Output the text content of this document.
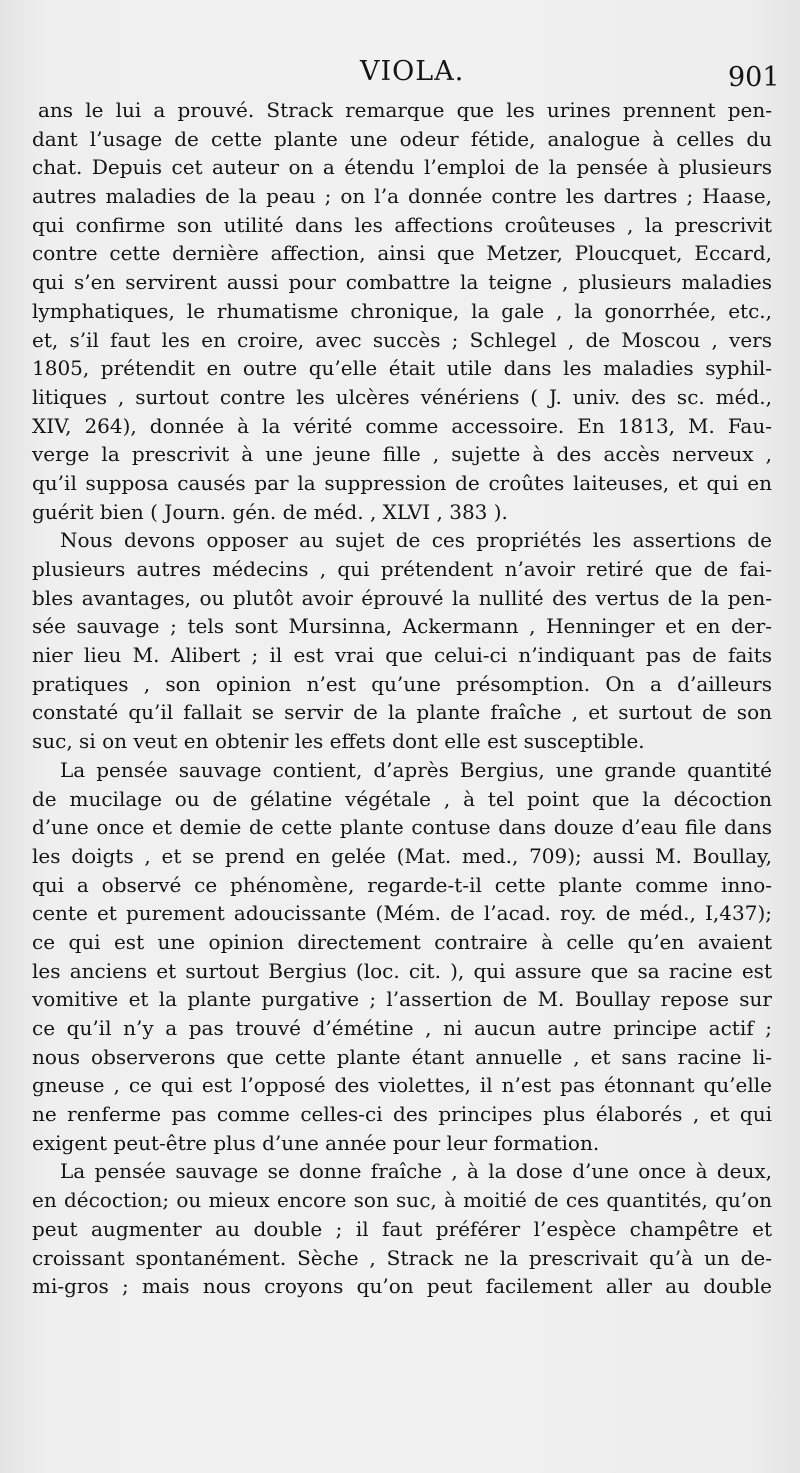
VIOLA.	901
ans le lui a prouvé. Strack remarque que les urines prennent pen-
dant l’usage de cette plante une odeur fétide, analogue à celles du
chat. Depuis cet auteur on a étendu l’emploi de la pensée à plusieurs
autres maladies de la peau ; on l’a donnée contre les dartres ; Haase,
qui confirme son utilité dans les affections croûteuses , la prescrivit
contre cette dernière affection, ainsi que Metzer, Ploucquet, Eccard,
qui s’en servirent aussi pour combattre la teigne , plusieurs maladies
lymphatiques, le rhumatisme chronique, la gale , la gonorrhée, etc.,
et, s’il faut les en croire, avec succès ; Schlegel , de Moscou , vers
1805, prétendit en outre qu’elle était utile dans les maladies syphil-
litiques , surtout contre les ulcères vénériens ( J. univ. des sc. méd.,
XIV, 264), donnée à la vérité comme accessoire. En 1813, M. Fau-
verge la prescrivit à une jeune fille , sujette à des accès nerveux ,
qu’il supposa causés par la suppression de croûtes laiteuses, et qui en
guérit bien ( Journ. gén. de méd. , XLVI , 383 ).
Nous devons opposer au sujet de ces propriétés les assertions de
plusieurs autres médecins , qui prétendent n’avoir retiré que de fai-
bles avantages, ou plutôt avoir éprouvé la nullité des vertus de la pen-
sée sauvage ; tels sont Mursinna, Ackermann , Henninger et en der-
nier lieu M. Alibert ; il est vrai que celui-ci n’indiquant pas de faits
pratiques , son opinion n’est qu’une présomption. On a d’ailleurs
constaté qu’il fallait se servir de la plante fraîche , et surtout de son
suc, si on veut en obtenir les effets dont elle est susceptible.
La pensée sauvage contient, d’après Bergius, une grande quantité
de mucilage ou de gélatine végétale , à tel point que la décoction
d’une once et demie de cette plante contuse dans douze d’eau file dans
les doigts , et se prend en gelée (Mat. med., 709); aussi M. Boullay,
qui a observé ce phénomène, regarde-t-il cette plante comme inno-
cente et purement adoucissante (Mém. de l’acad. roy. de méd., I,437);
ce qui est une opinion directement contraire à celle qu’en avaient
les anciens et surtout Bergius (loc. cit. ), qui assure que sa racine est
vomitive et la plante purgative ; l’assertion de M. Boullay repose sur
ce qu’il n’y a pas trouvé d’émétine , ni aucun autre principe actif ;
nous observerons que cette plante étant annuelle , et sans racine li-
gneuse , ce qui est l’opposé des violettes, il n’est pas étonnant qu’elle
ne renferme pas comme celles-ci des principes plus élaborés , et qui
exigent peut-être plus d’une année pour leur formation.
La pensée sauvage se donne fraîche , à la dose d’une once à deux,
en décoction; ou mieux encore son suc, à moitié de ces quantités, qu’on
peut augmenter au double ; il faut préférer l’espèce champêtre et
croissant spontanément. Sèche , Strack ne la prescrivait qu’à un de-
mi-gros ; mais nous croyons qu’on peut facilement aller au double
